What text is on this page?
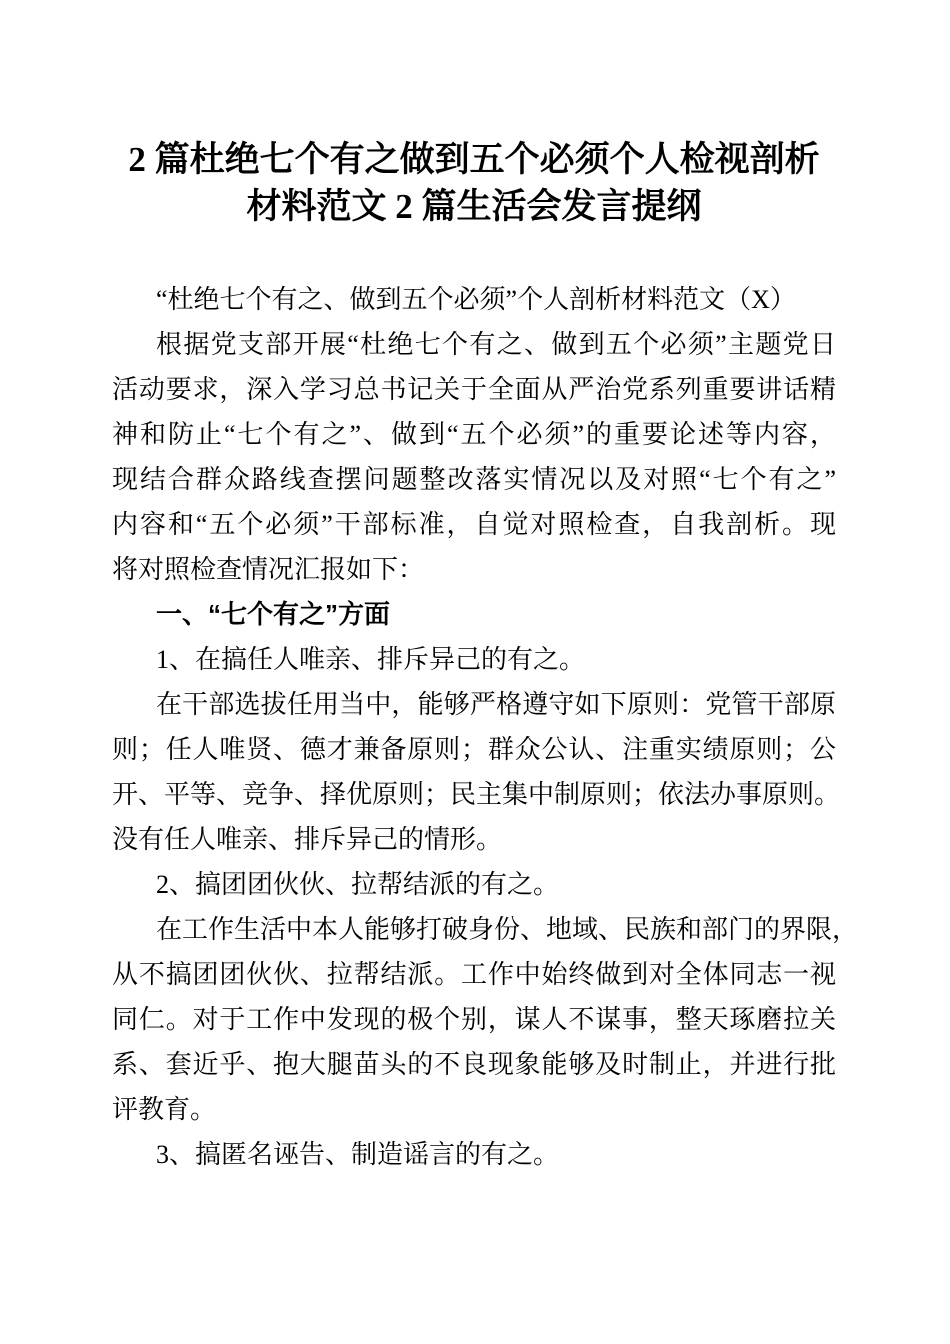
2 篇杜绝七个有之做到五个必须个人检视剖析
材料范文 2 篇生活会发言提纲
“杜绝七个有之、做到五个必须”个人剖析材料范文（X）
根据党支部开展“杜绝七个有之、做到五个必须”主题党日
活动要求，深入学习总书记关于全面从严治党系列重要讲话精
神和防止“七个有之”、做到“五个必须”的重要论述等内容，
现结合群众路线查摆问题整改落实情况以及对照“七个有之”
内容和“五个必须”干部标准，自觉对照检查，自我剖析。现
将对照检查情况汇报如下：
一、“七个有之”方面
1、在搞任人唯亲、排斥异己的有之。
在干部选拔任用当中，能够严格遵守如下原则：党管干部原
则；任人唯贤、德才兼备原则；群众公认、注重实绩原则；公
开、平等、竞争、择优原则；民主集中制原则；依法办事原则。
没有任人唯亲、排斥异己的情形。
2、搞团团伙伙、拉帮结派的有之。
在工作生活中本人能够打破身份、地域、民族和部门的界限，
从不搞团团伙伙、拉帮结派。工作中始终做到对全体同志一视
同仁。对于工作中发现的极个别，谋人不谋事，整天琢磨拉关
系、套近乎、抱大腿苗头的不良现象能够及时制止，并进行批
评教育。
3、搞匿名诬告、制造谣言的有之。
